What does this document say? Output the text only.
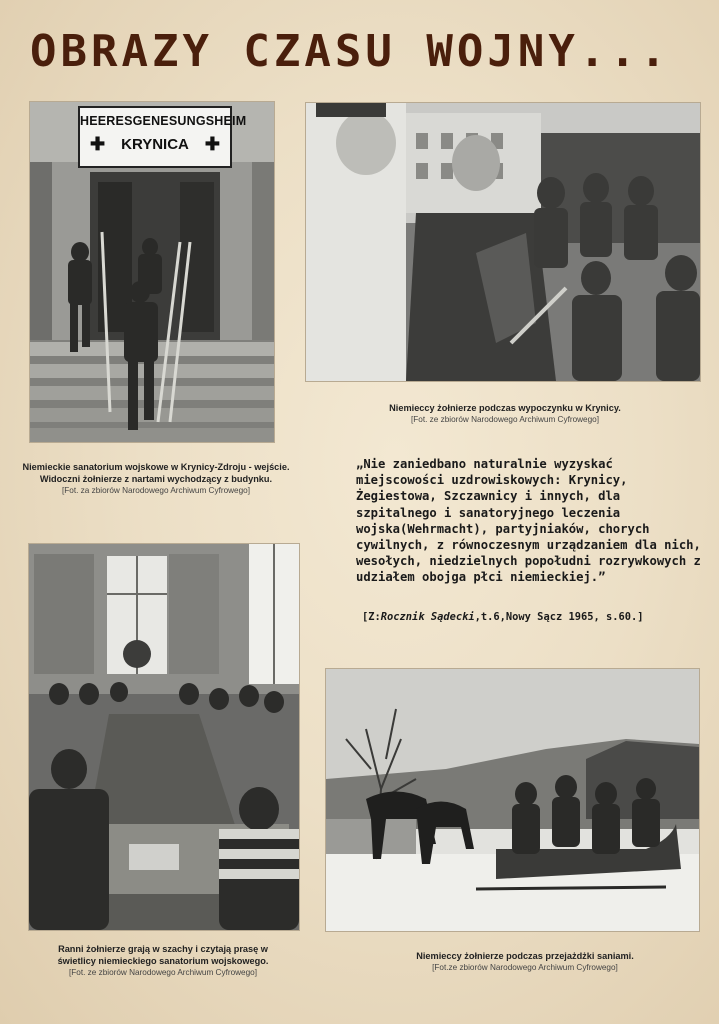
OBRAZY CZASU WOJNY...
HEERESGENESUNGSHEIM
✚	KRYNICA ✚
Niemieccy żołnierze podczas wypoczynku w Krynicy.
[Fot. ze zbiorów Narodowego Archiwum Cyfrowego]
Niemieckie sanatorium wojskowe w Krynicy-Zdroju - wejście. Widoczni żołnierze z nartami wychodzący z budynku.
[Fot. za zbiorów Narodowego Archiwum Cyfrowego]

„Nie zaniedbano naturalnie wyzyskać miejscowości uzdrowiskowych: Krynicy, Żegiestowa, Szczawnicy i innych, dla szpitalnego i sanatoryjnego leczenia wojska(Wehrmacht), partyjniaków, chorych cywilnych, z równoczesnym urządzaniem dla nich, wesołych, niedzielnych popołudni rozrywkowych z udziałem obojga płci niemieckiej.”

[Z:Rocznik Sądecki,t.6,Nowy Sącz 1965, s.60.]
Ranni żołnierze grają w szachy i czytają prasę w świetlicy niemieckiego sanatorium wojskowego.
[Fot. ze zbiorów Narodowego Archiwum Cyfrowego]
Niemieccy żołnierze podczas przejażdżki saniami.
[Fot.ze zbiorów Narodowego Archiwum Cyfrowego]
